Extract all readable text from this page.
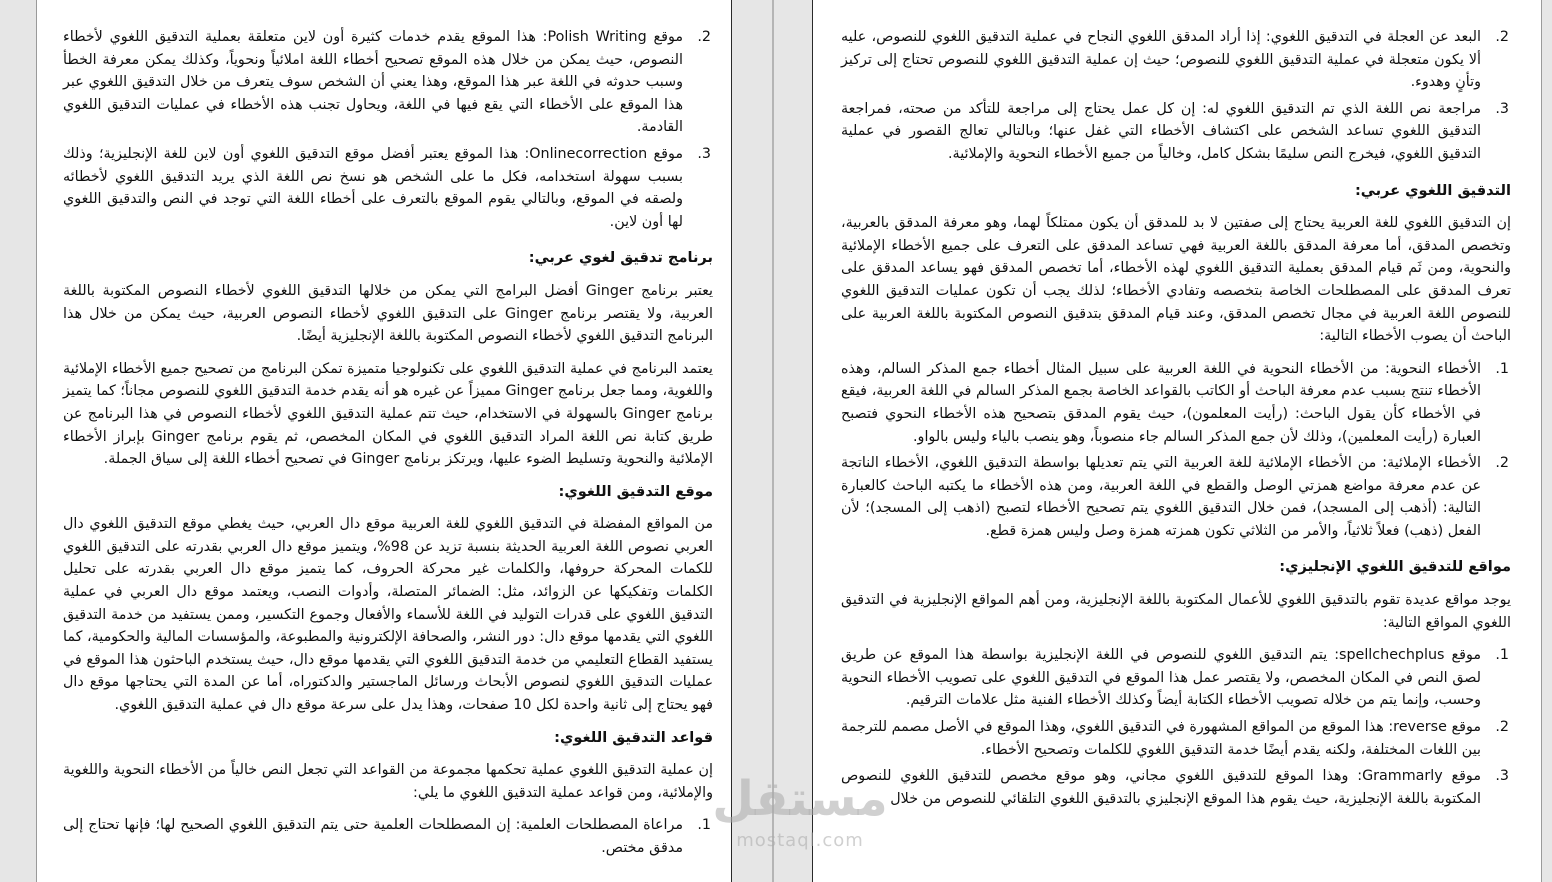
2.
موقع Polish Writing: هذا الموقع يقدم خدمات كثيرة أون لاين متعلقة بعملية التدقيق اللغوي لأخطاء النصوص، حيث يمكن من خلال هذه الموقع تصحيح أخطاء اللغة املائياً ونحوياً، وكذلك يمكن معرفة الخطأ وسبب حدوثه في اللغة عبر هذا الموقع، وهذا يعني أن الشخص سوف يتعرف من خلال التدقيق اللغوي عبر هذا الموقع على الأخطاء التي يقع فيها في اللغة، ويحاول تجنب هذه الأخطاء في عمليات التدقيق اللغوي القادمة.
3.
موقع Onlinecorrection: هذا الموقع يعتبر أفضل موقع التدقيق اللغوي أون لاين للغة الإنجليزية؛ وذلك بسبب سهولة استخدامه، فكل ما على الشخص هو نسخ نص اللغة الذي يريد التدقيق اللغوي لأخطائه ولصقه في الموقع، وبالتالي يقوم الموقع بالتعرف على أخطاء اللغة التي توجد في النص والتدقيق اللغوي لها أون لاين.
برنامج تدقيق لغوي عربي:

يعتبر برنامج Ginger أفضل البرامج التي يمكن من خلالها التدقيق اللغوي لأخطاء النصوص المكتوبة باللغة العربية، ولا يقتصر برنامج Ginger على التدقيق اللغوي لأخطاء النصوص العربية، حيث يمكن من خلال هذا البرنامج التدقيق اللغوي لأخطاء النصوص المكتوبة باللغة الإنجليزية أيضًا.

يعتمد البرنامج في عملية التدقيق اللغوي على تكنولوجيا متميزة تمكن البرنامج من تصحيح جميع الأخطاء الإملائية واللغوية، ومما جعل برنامج Ginger مميزاً عن غيره هو أنه يقدم خدمة التدقيق اللغوي للنصوص مجاناً؛ كما يتميز برنامج Ginger بالسهولة في الاستخدام، حيث تتم عملية التدقيق اللغوي لأخطاء النصوص في هذا البرنامج عن طريق كتابة نص اللغة المراد التدقيق اللغوي في المكان المخصص، ثم يقوم برنامج Ginger بإبراز الأخطاء الإملائية والنحوية وتسليط الضوء عليها، ويرتكز برنامج Ginger في تصحيح أخطاء اللغة إلى سياق الجملة.

موقع التدقيق اللغوي:

من المواقع المفضلة في التدقيق اللغوي للغة العربية موقع دال العربي، حيث يغطي موقع التدقيق اللغوي دال العربي نصوص اللغة العربية الحديثة بنسبة تزيد عن 98%، ويتميز موقع دال العربي بقدرته على التدقيق اللغوي للكمات المحركة حروفها، والكلمات غير محركة الحروف، كما يتميز موقع دال العربي بقدرته على تحليل الكلمات وتفكيكها عن الزوائد، مثل: الضمائر المتصلة، وأدوات النصب، ويعتمد موقع دال العربي في عملية التدقيق اللغوي على قدرات التوليد في اللغة للأسماء والأفعال وجموع التكسير، وممن يستفيد من خدمة التدقيق اللغوي التي يقدمها موقع دال: دور النشر، والصحافة الإلكترونية والمطبوعة، والمؤسسات المالية والحكومية، كما يستفيد القطاع التعليمي من خدمة التدقيق اللغوي التي يقدمها موقع دال، حيث يستخدم الباحثون هذا الموقع في عمليات التدقيق اللغوي لنصوص الأبحاث ورسائل الماجستير والدكتوراه، أما عن المدة التي يحتاجها موقع دال فهو يحتاج إلى ثانية واحدة لكل 10 صفحات، وهذا يدل على سرعة موقع دال في عملية التدقيق اللغوي.

قواعد التدقيق اللغوي:

إن عملية التدقيق اللغوي عملية تحكمها مجموعة من القواعد التي تجعل النص خالياً من الأخطاء النحوية واللغوية والإملائية، ومن قواعد عملية التدقيق اللغوي ما يلي:

1.
مراعاة المصطلحات العلمية: إن المصطلحات العلمية حتى يتم التدقيق اللغوي الصحيح لها؛ فإنها تحتاج إلى مدقق مختص.
2.
البعد عن العجلة في التدقيق اللغوي: إذا أراد المدقق اللغوي النجاح في عملية التدقيق اللغوي للنصوص، عليه ألا يكون متعجلة في عملية التدقيق اللغوي للنصوص؛ حيث إن عملية التدقيق اللغوي للنصوص تحتاج إلى تركيز وتأنٍ وهدوء.
3.
مراجعة نص اللغة الذي تم التدقيق اللغوي له: إن كل عمل يحتاج إلى مراجعة للتأكد من صحته، فمراجعة التدقيق اللغوي تساعد الشخص على اكتشاف الأخطاء التي غفل عنها؛ وبالتالي تعالج القصور في عملية التدقيق اللغوي، فيخرج النص سليمًا بشكل كامل، وخالياً من جميع الأخطاء النحوية والإملائية.
التدقيق اللغوي عربي:

إن التدقيق اللغوي للغة العربية يحتاج إلى صفتين لا بد للمدقق أن يكون ممتلكاً لهما، وهو معرفة المدقق بالعربية، وتخصص المدقق، أما معرفة المدقق باللغة العربية فهي تساعد المدقق على التعرف على جميع الأخطاء الإملائية والنحوية، ومن ثَم قيام المدقق بعملية التدقيق اللغوي لهذه الأخطاء، أما تخصص المدقق فهو يساعد المدقق على تعرف المدقق على المصطلحات الخاصة بتخصصه وتفادي الأخطاء؛ لذلك يجب أن تكون عمليات التدقيق اللغوي للنصوص اللغة العربية في مجال تخصص المدقق، وعند قيام المدقق بتدقيق النصوص المكتوبة باللغة العربية على الباحث أن يصوب الأخطاء التالية:

1.
الأخطاء النحوية: من الأخطاء النحوية في اللغة العربية على سبيل المثال أخطاء جمع المذكر السالم، وهذه الأخطاء تنتج بسبب عدم معرفة الباحث أو الكاتب بالقواعد الخاصة بجمع المذكر السالم في اللغة العربية، فيقع في الأخطاء كأن يقول الباحث: (رأيت المعلمون)، حيث يقوم المدقق بتصحيح هذه الأخطاء النحوي فتصبح العبارة (رأيت المعلمين)، وذلك لأن جمع المذكر السالم جاء منصوباً، وهو ينصب بالياء وليس بالواو.
2.
الأخطاء الإملائية: من الأخطاء الإملائية للغة العربية التي يتم تعديلها بواسطة التدقيق اللغوي، الأخطاء الناتجة عن عدم معرفة مواضع همزتي الوصل والقطع في اللغة العربية، ومن هذه الأخطاء ما يكتبه الباحث كالعبارة التالية: (أذهب إلى المسجد)، فمن خلال التدقيق اللغوي يتم تصحيح الأخطاء لتصبح (اذهب إلى المسجد)؛ لأن الفعل (ذهب) فعلاً ثلاثياً، والأمر من الثلاثي تكون همزته همزة وصل وليس همزة قطع.
مواقع للتدقيق اللغوي الإنجليزي:

يوجد مواقع عديدة تقوم بالتدقيق اللغوي للأعمال المكتوبة باللغة الإنجليزية، ومن أهم المواقع الإنجليزية في التدقيق اللغوي المواقع التالية:

1.
موقع spellchechplus: يتم التدقيق اللغوي للنصوص في اللغة الإنجليزية بواسطة هذا الموقع عن طريق لصق النص في المكان المخصص، ولا يقتصر عمل هذا الموقع في التدقيق اللغوي على تصويب الأخطاء النحوية وحسب، وإنما يتم من خلاله تصويب الأخطاء الكتابة أيضاً وكذلك الأخطاء الفنية مثل علامات الترقيم.
2.
موقع reverse: هذا الموقع من المواقع المشهورة في التدقيق اللغوي، وهذا الموقع في الأصل مصمم للترجمة بين اللغات المختلفة، ولكنه يقدم أيضًا خدمة التدقيق اللغوي للكلمات وتصحيح الأخطاء.
3.
موقع Grammarly: وهذا الموقع للتدقيق اللغوي مجاني، وهو موقع مخصص للتدقيق اللغوي للنصوص المكتوبة باللغة الإنجليزية، حيث يقوم هذا الموقع الإنجليزي بالتدقيق اللغوي التلقائي للنصوص من خلال
مستقل
mostaql.com
